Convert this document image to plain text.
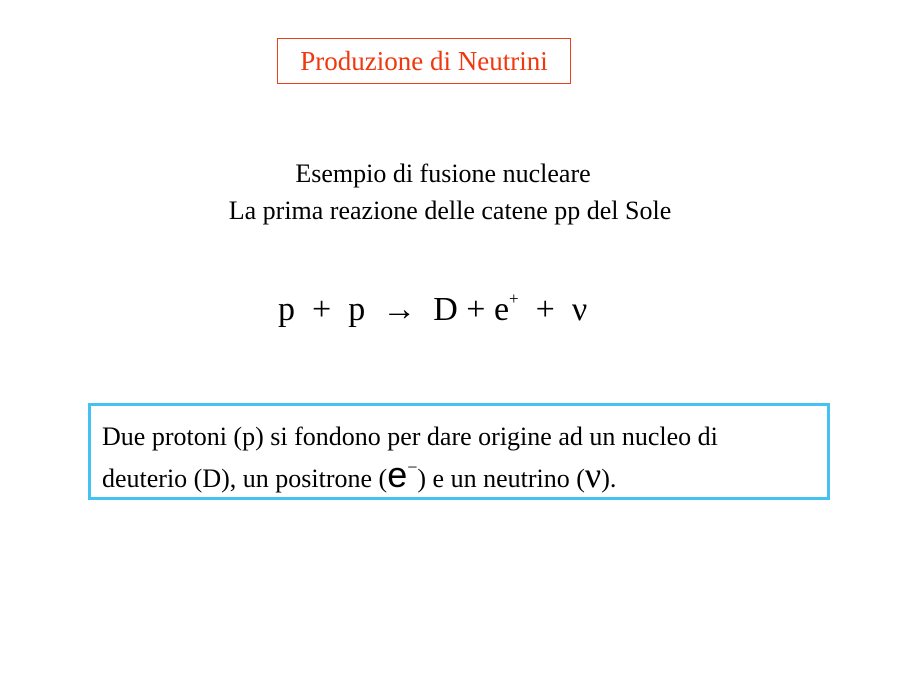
Produzione di Neutrini
Esempio di fusione nucleare
La prima reazione delle catene pp del Sole
p + p → D + e+ + ν
Due protoni (p) si fondono per dare origine ad un nucleo di
deuterio (D), un positrone (e−) e un neutrino (ν).
